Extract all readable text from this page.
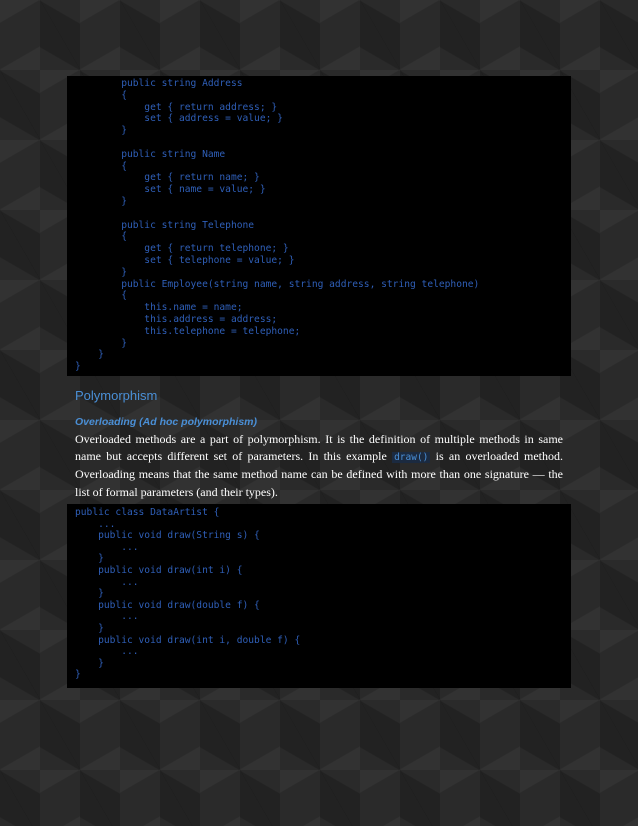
public string Address
{
get { return address; }
set { address = value; }
}
public string Name
{
get { return name; }
set { name = value; }
}
public string Telephone
{
get { return telephone; }
set { telephone = value; }
}
public Employee(string name, string address, string telephone)
{
this.name = name;
this.address = address;
this.telephone = telephone;
}
}
}
Polymorphism
Overloading (Ad hoc polymorphism)

Overloaded methods are a part of polymorphism. It is the definition of multiple methods in same name but accepts different set of parameters. In this example draw() is an overloaded method. Overloading means that the same method name can be defined with more than one signature — the list of formal parameters (and their types).

public class DataArtist {
...
public void draw(String s) {
...
}
public void draw(int i) {
...
}
public void draw(double f) {
...
}
public void draw(int i, double f) {
...
}
}
